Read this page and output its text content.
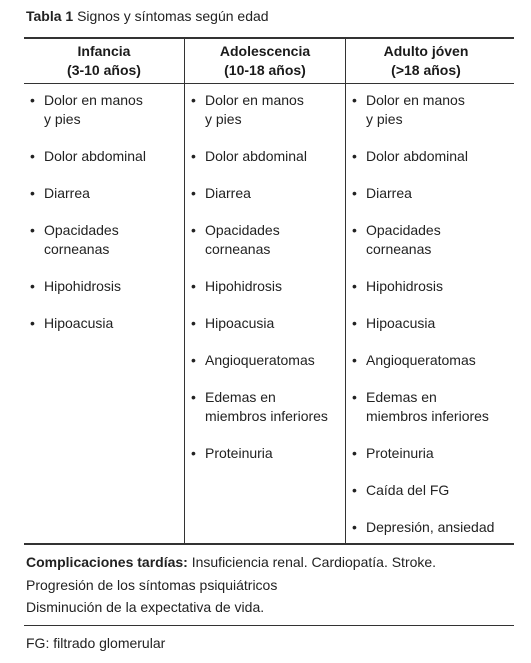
Tabla 1 Signos y síntomas según edad
Infancia
(3-10 años)
Adolescencia
(10-18 años)
Adulto jóven
(>18 años)
• Dolor en manos
y pies
• Dolor abdominal
• Diarrea
• Opacidades
corneanas
• Hipohidrosis
• Hipoacusia
• Dolor en manos
y pies
• Dolor abdominal
• Diarrea
• Opacidades
corneanas
• Hipohidrosis
• Hipoacusia
• Angioqueratomas
• Edemas en
miembros inferiores
• Proteinuria
• Dolor en manos
y pies
• Dolor abdominal
• Diarrea
• Opacidades
corneanas
• Hipohidrosis
• Hipoacusia
• Angioqueratomas
• Edemas en
miembros inferiores
• Proteinuria
• Caída del FG
• Depresión, ansiedad
Complicaciones tardías: Insuficiencia renal. Cardiopatía. Stroke.
Progresión de los síntomas psiquiátricos
Disminución de la expectativa de vida.
FG: filtrado glomerular
